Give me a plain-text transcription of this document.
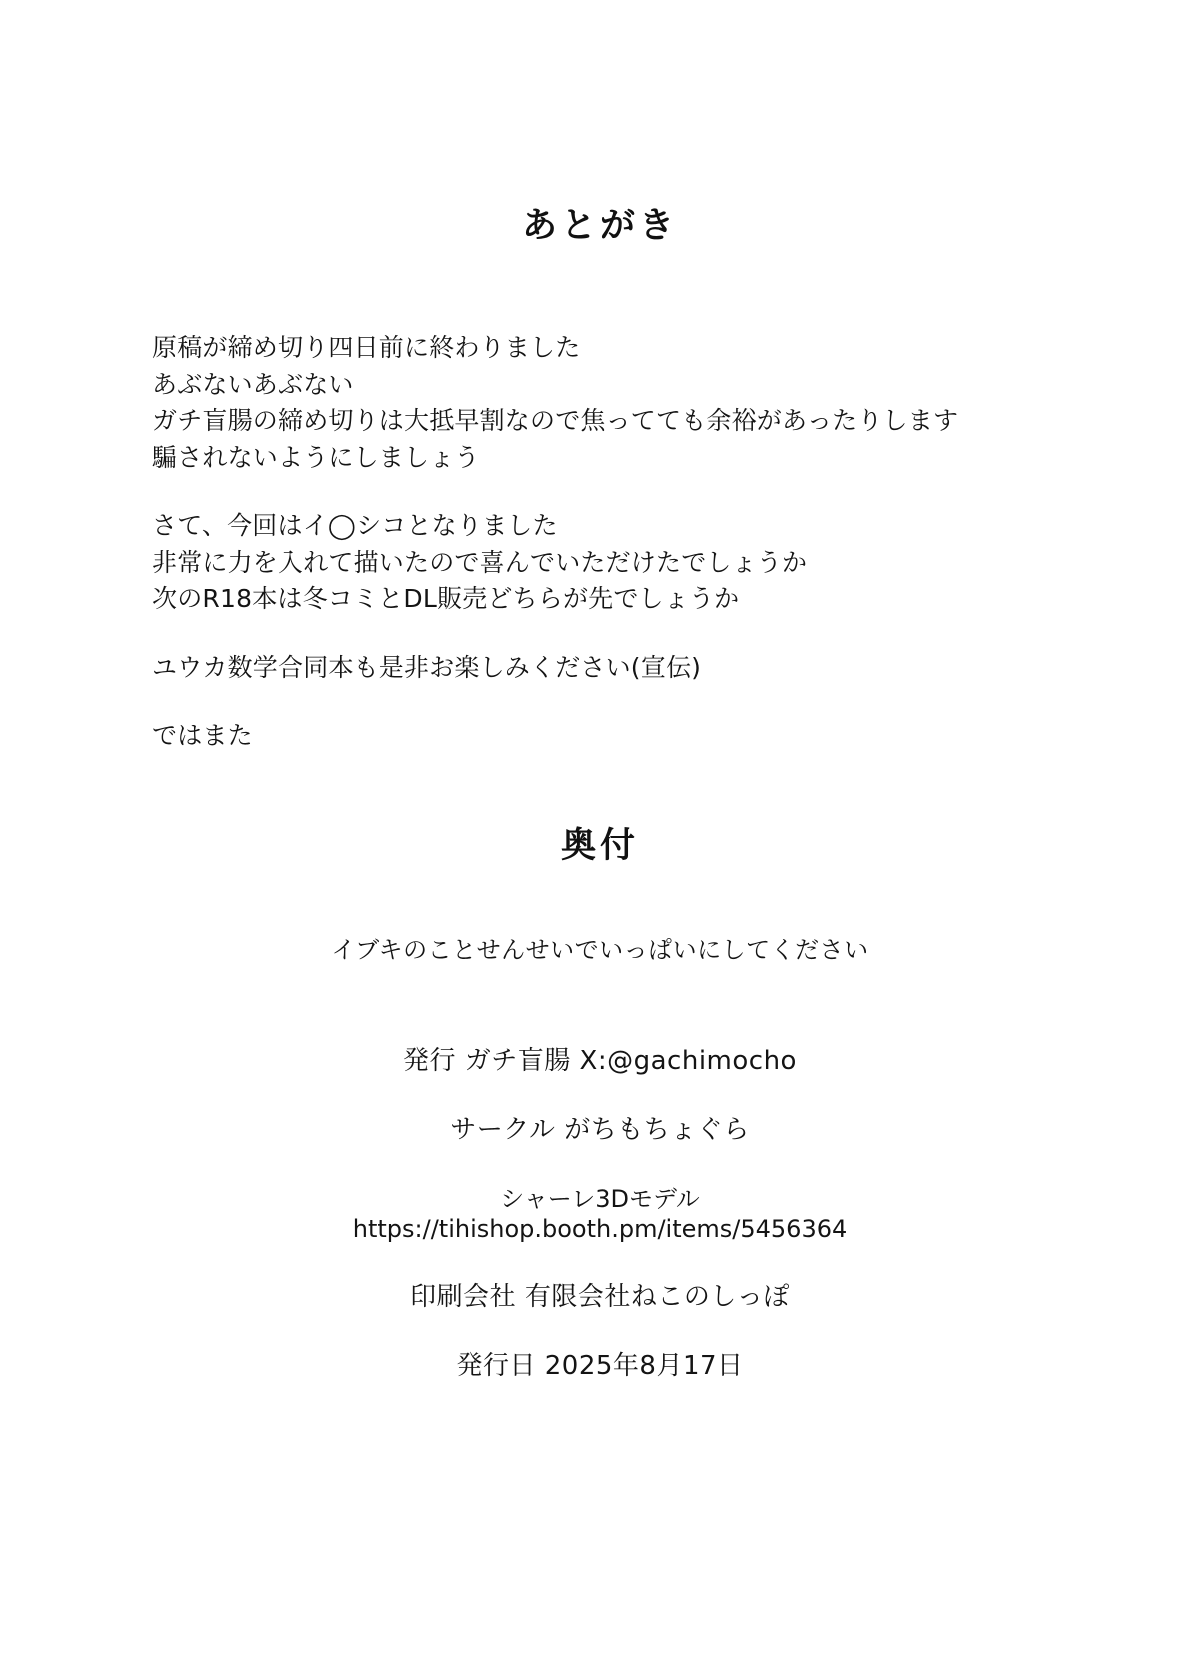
あとがき
原稿が締め切り四日前に終わりました
あぶないあぶない
ガチ盲腸の締め切りは大抵早割なので焦ってても余裕があったりします
騙されないようにしましょう
さて、今回はイ◯シコとなりました
非常に力を入れて描いたので喜んでいただけたでしょうか
次のR18本は冬コミとDL販売どちらが先でしょうか
ユウカ数学合同本も是非お楽しみください(宣伝)
ではまた
奥付
イブキのことせんせいでいっぱいにしてください
発行 ガチ盲腸 X:@gachimocho
サークル がちもちょぐら
シャーレ3Dモデル
https://tihishop.booth.pm/items/5456364
印刷会社 有限会社ねこのしっぽ
発行日 2025年8月17日
